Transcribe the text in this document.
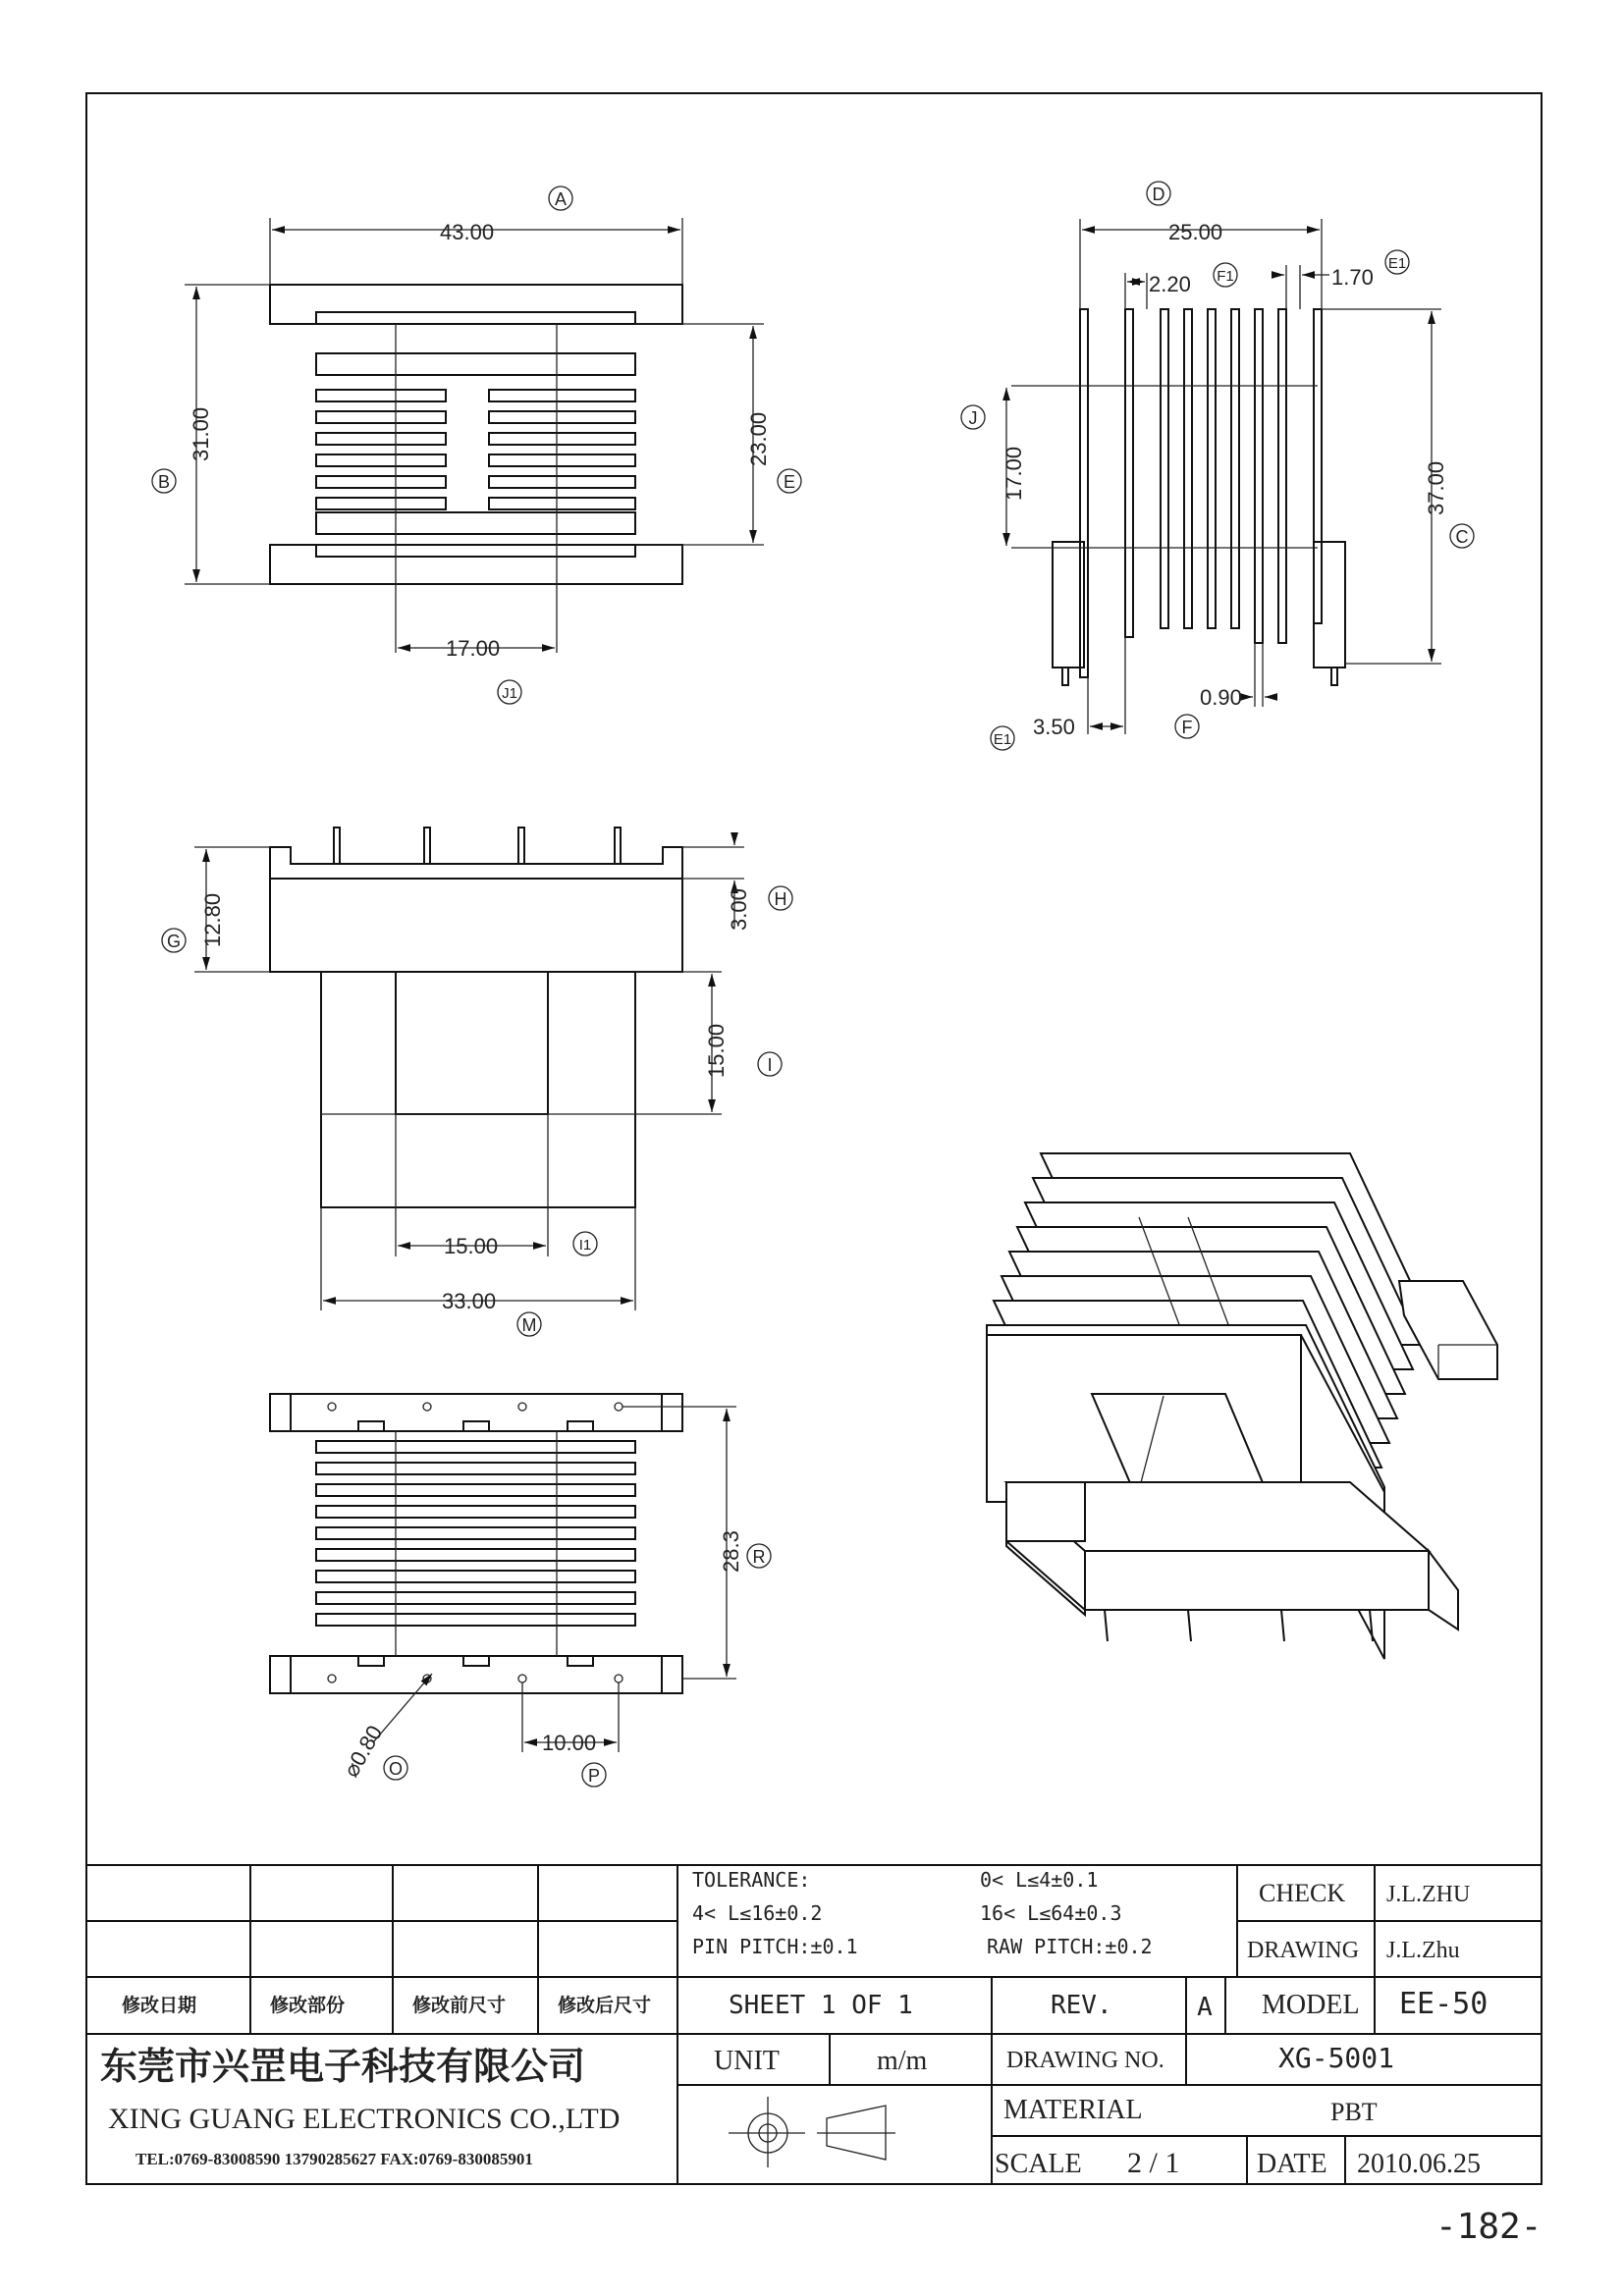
43.00
A
31.00
B
23.00
E
17.00
J1
25.00
D
2.20 F1	1.70
E1
17.00
J
37.00
C
0.90
F
3.50
E1
12.80
G
3.00 H
15.00 I
15.00	I1
33.00
M
28.3 R
⌀0.80 O
10.00
P
TOLERANCE:	0< L≤4±0.1
4< L≤16±0.2	16< L≤64±0.3
PIN PITCH:±0.1	RAW PITCH:±0.2
CHECK J.L.ZHU
DRAWING J.L.Zhu
修改日期	修改部份	修改前尺寸	修改后尺寸	SHEET 1 OF 1	REV.	A MODEL EE-50
东莞市兴罡电子科技有限公司
XING GUANG ELECTRONICS CO.,LTD
TEL:0769-83008590 13790285627 FAX:0769-830085901
UNIT	m/m	DRAWING NO.	XG-5001
MATERIAL	PBT
SCALE 2 / 1	DATE 2010.06.25
-182-
